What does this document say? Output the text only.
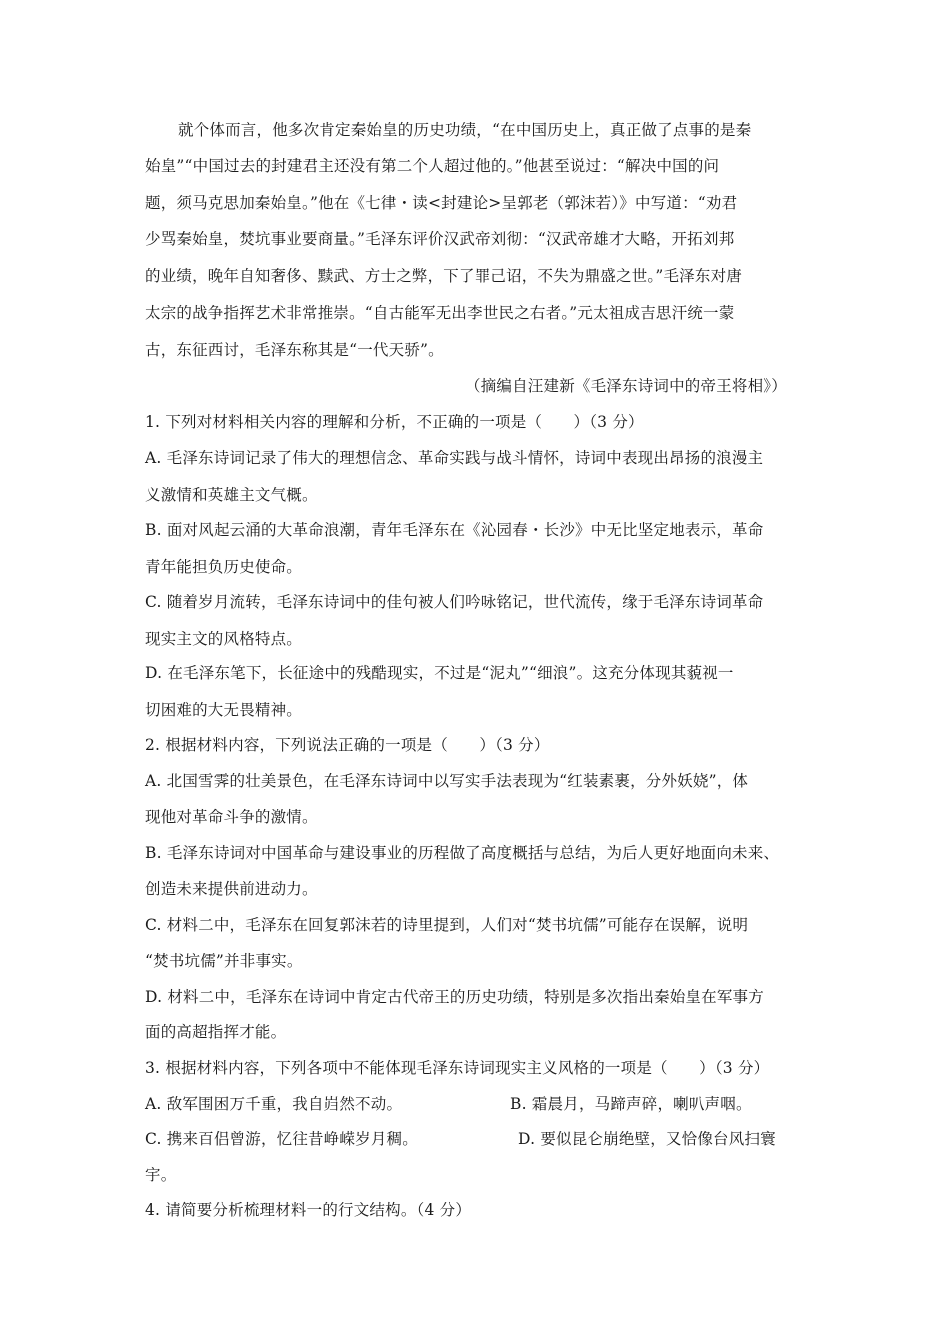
就个体而言，他多次肯定秦始皇的历史功绩，“在中国历史上，真正做了点事的是秦
始皇”“中国过去的封建君主还没有第二个人超过他的。”他甚至说过：“解决中国的问
题，须马克思加秦始皇。”他在《七律・读<封建论>呈郭老（郭沫若）》中写道：“劝君
少骂秦始皇，焚坑事业要商量。”毛泽东评价汉武帝刘彻：“汉武帝雄才大略，开拓刘邦
的业绩，晚年自知奢侈、黩武、方士之弊，下了罪己诏，不失为鼎盛之世。”毛泽东对唐
太宗的战争指挥艺术非常推崇。“自古能军无出李世民之右者。”元太祖成吉思汗统一蒙
古，东征西讨，毛泽东称其是“一代天骄”。
（摘编自汪建新《毛泽东诗词中的帝王将相》）
1. 下列对材料相关内容的理解和分析，不正确的一项是（　　）（3 分）
A. 毛泽东诗词记录了伟大的理想信念、革命实践与战斗情怀，诗词中表现出昂扬的浪漫主
义激情和英雄主文气概。
B. 面对风起云涌的大革命浪潮，青年毛泽东在《沁园春・长沙》中无比坚定地表示，革命
青年能担负历史使命。
C. 随着岁月流转，毛泽东诗词中的佳句被人们吟咏铭记，世代流传，缘于毛泽东诗词革命
现实主文的风格特点。
D. 在毛泽东笔下，长征途中的残酷现实，不过是“泥丸”“细浪”。这充分体现其藐视一
切困难的大无畏精神。
2. 根据材料内容，下列说法正确的一项是（　　）（3 分）
A. 北国雪霁的壮美景色，在毛泽东诗词中以写实手法表现为“红装素裹，分外妖娆”，体
现他对革命斗争的激情。
B. 毛泽东诗词对中国革命与建设事业的历程做了高度概括与总结，为后人更好地面向未来、
创造未来提供前进动力。
C. 材料二中，毛泽东在回复郭沫若的诗里提到，人们对“焚书坑儒”可能存在误解，说明
“焚书坑儒”并非事实。
D. 材料二中，毛泽东在诗词中肯定古代帝王的历史功绩，特别是多次指出秦始皇在军事方
面的高超指挥才能。
3. 根据材料内容，下列各项中不能体现毛泽东诗词现实主义风格的一项是（　　）（3 分）
A. 敌军围困万千重，我自岿然不动。	B. 霜晨月，马蹄声碎，喇叭声咽。
C. 携来百侣曾游，忆往昔峥嵘岁月稠。	D. 要似昆仑崩绝壁，又恰像台风扫寰
宇。
4. 请简要分析梳理材料一的行文结构。（4 分）
